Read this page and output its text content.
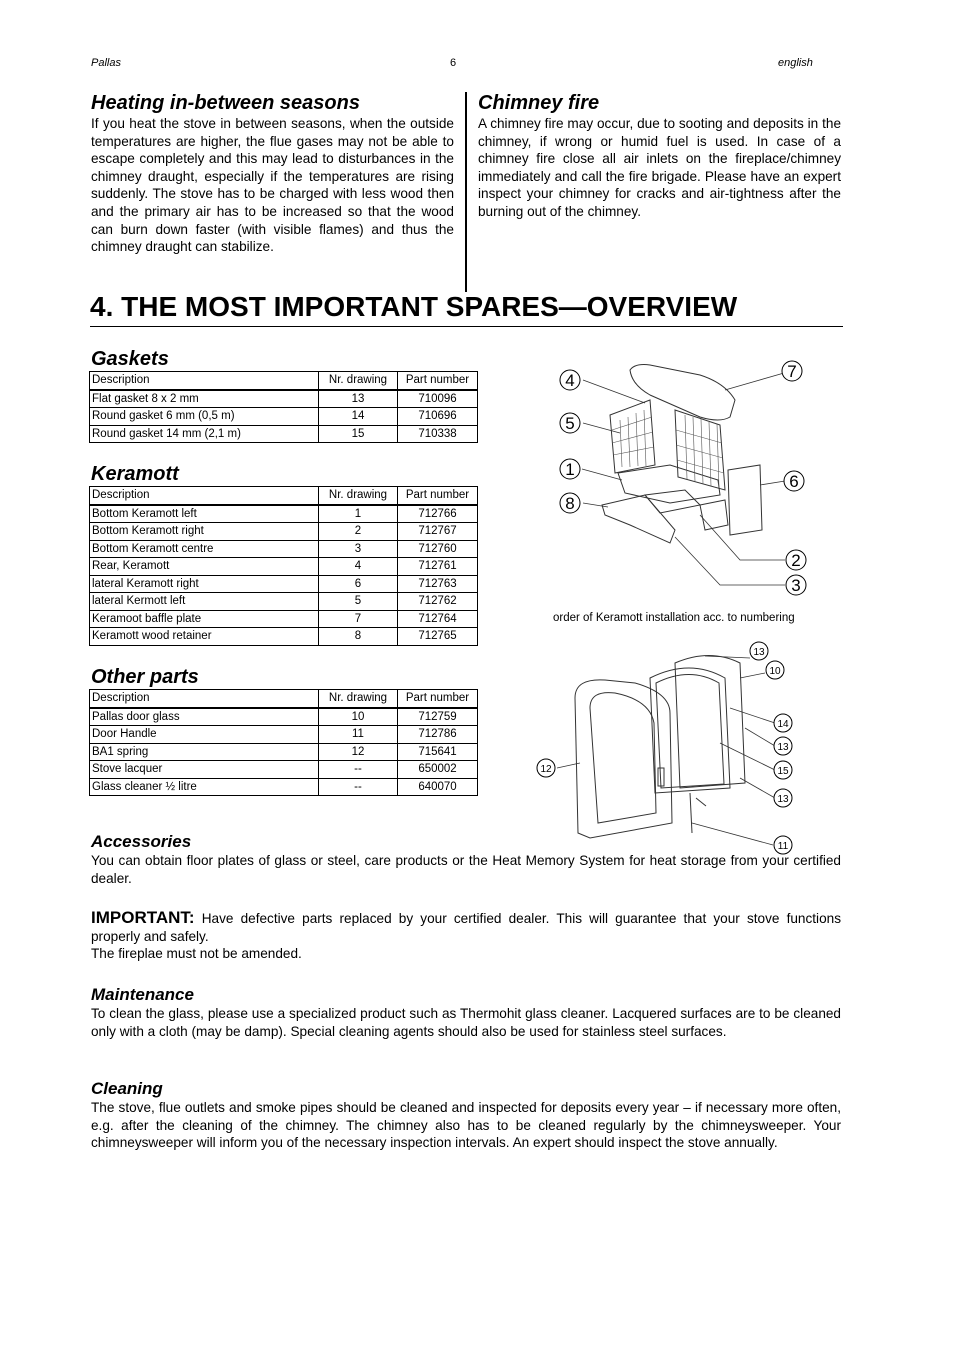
Pallas	6	english
Heating in-between seasons

If you heat the stove in between seasons, when the outside temperatures are higher, the flue gases may not be able to escape completely and this may lead to disturbances in the chimney draught, especially if the temperatures are rising suddenly. The stove has to be charged with less wood then and the primary air has to be increased so that the wood can burn down faster (with visible flames) and thus the chimney draught can stabilize.

Chimney fire

A chimney fire may occur, due to sooting and deposits in the chimney, if wrong or humid fuel is used. In case of a chimney fire close all air inlets on the fireplace/chimney immediately and call the fire brigade. Please have an expert inspect your chimney for cracks and air-tightness after the burning out of the chimney.

4. THE MOST IMPORTANT SPARES—OVERVIEW
Gaskets
Description	Nr. drawing	Part number
Flat gasket 8 x 2 mm	13	710096
Round gasket 6 mm (0,5 m)	14	710696
Round gasket 14 mm (2,1 m)	15	710338
Keramott
Description	Nr. drawing	Part number
Bottom Keramott left	1	712766
Bottom Keramott right	2	712767
Bottom Keramott centre	3	712760
Rear, Keramott	4	712761
lateral Keramott right	6	712763
lateral Kermott left	5	712762
Keramoot baffle plate	7	712764
Keramott wood retainer	8	712765
Other parts
Description	Nr. drawing	Part number
Pallas door glass	10	712759
Door Handle	11	712786
BA1 spring	12	715641
Stove lacquer	--	650002
Glass cleaner ½ litre	--	640070
4
5
1
8
7
6
2
3
order of Keramott installation acc. to numbering
13
10
14
13
15
13
12
11
Accessories

You can obtain floor plates of glass or steel, care products or the Heat Memory System for heat storage from your certified dealer.

IMPORTANT: Have defective parts replaced by your certified dealer. This will guarantee that your stove functions properly and safely.

The fireplae must not be amended.

Maintenance

To clean the glass, please use a specialized product such as Thermohit glass cleaner. Lacquered surfaces are to be cleaned only with a cloth (may be damp). Special cleaning agents should also be used for stainless steel surfaces.

Cleaning

The stove, flue outlets and smoke pipes should be cleaned and inspected for deposits every year – if necessary more often, e.g. after the cleaning of the chimney. The chimney also has to be cleaned regularly by the chimneysweeper. Your chimneysweeper will inform you of the necessary inspection intervals. An expert should inspect the stove annually.
